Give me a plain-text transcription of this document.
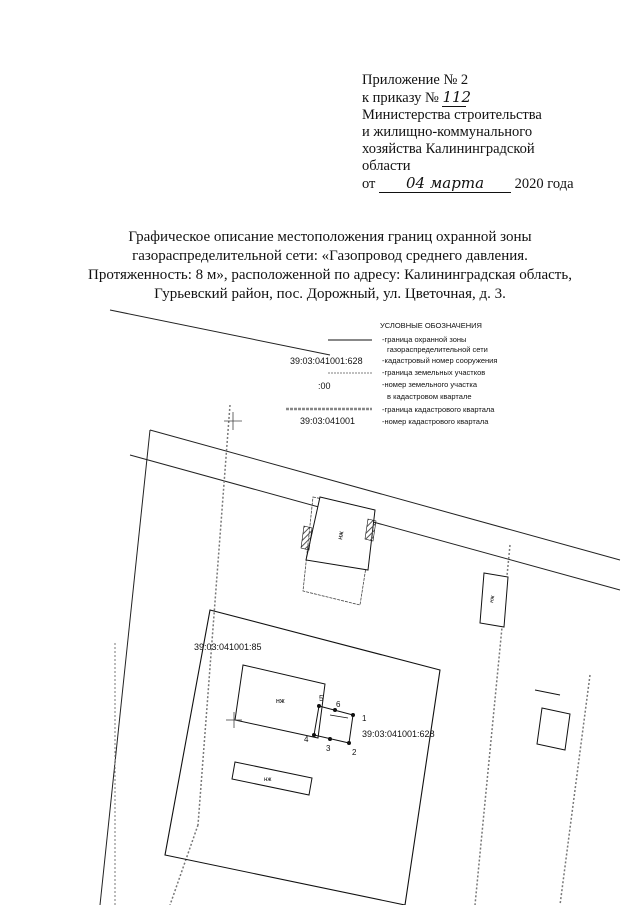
Приложение № 2
к приказу № 112
Министерства строительства
и жилищно-коммунального
хозяйства Калининградской
области
от 04 марта 2020 года
Графическое описание местоположения границ охранной зоны
газораспределительной сети: «Газопровод среднего давления.
Протяженность: 8 м», расположенной по адресу: Калининградская область,
Гурьевский район, пос. Дорожный, ул. Цветочная, д. 3.
УСЛОВНЫЕ ОБОЗНАЧЕНИЯ
-граница охранной зоны
газораспределительной сети
39:03:041001:628	-кадастровый номер сооружения
-граница земельных участков
:00	-номер земельного участка
в кадастровом квартале
-граница кадастрового квартала
39:03:041001	-номер кадастрового квартала
нж
нж
нж
нж
39:03:041001:85
39:03:041001:628
1
2
3
4
5
6
